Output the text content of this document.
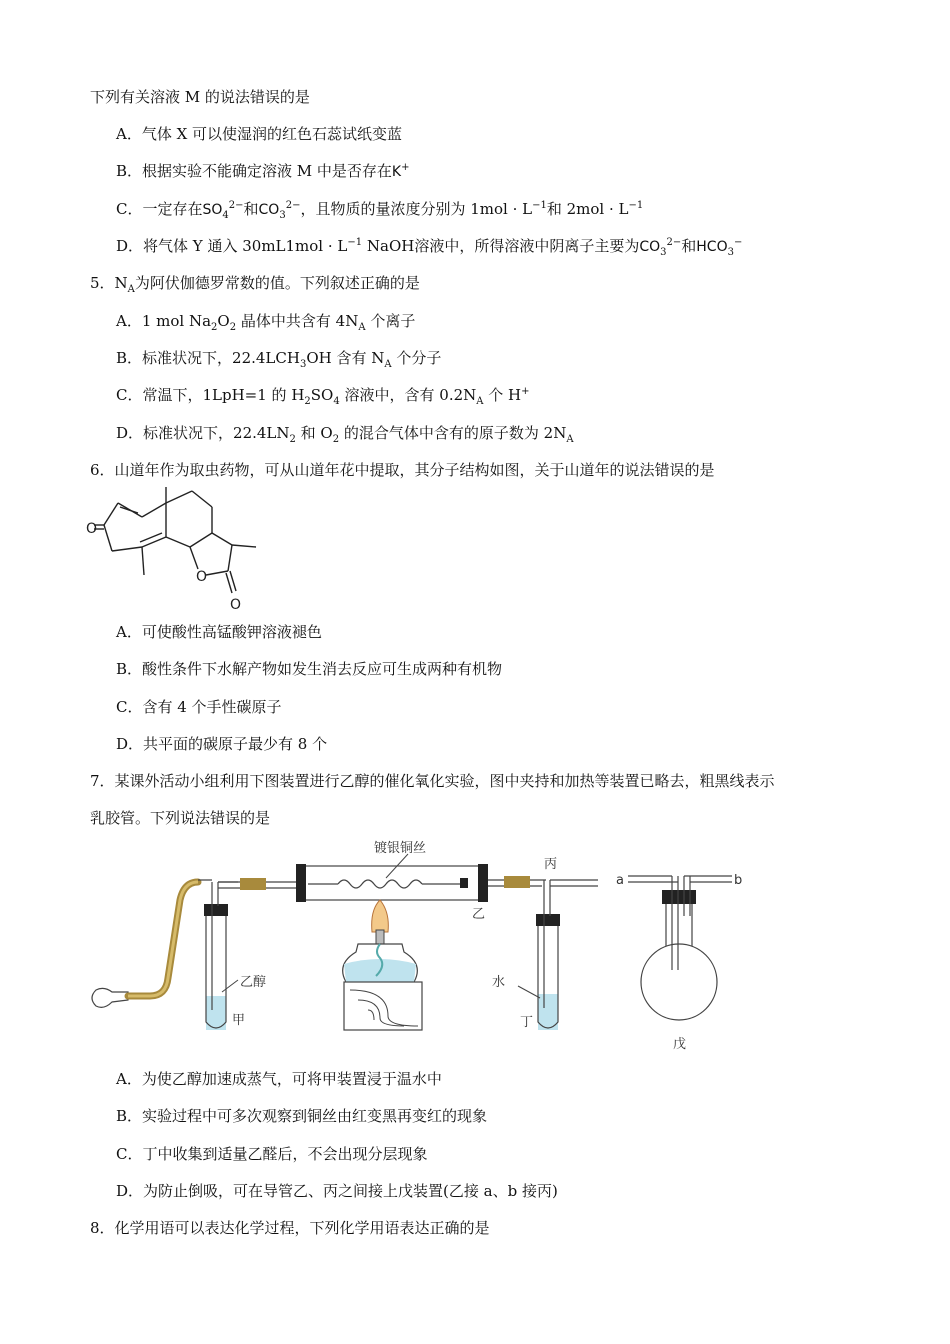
下列有关溶液 M 的说法错误的是
A．气体 X 可以使湿润的红色石蕊试纸变蓝
B．根据实验不能确定溶液 M 中是否存在K+
C．一定存在$SO_4^{2-}$和$CO_3^{2-}$，且物质的量浓度分别为 $1mol \cdot L^{-1}$和 $2mol \cdot L^{-1}$
D．将气体 Y 通入 $30mL1mol \cdot L^{-1}$ NaOH溶液中，所得溶液中阴离子主要为$CO_3^{2-}$和$HCO_3^-$
5．$N_A$为阿伏伽德罗常数的值。下列叙述正确的是
A．1 mol $Na_2O_2$ 晶体中共含有 $4N_A$ 个离子
B．标准状况下，$22.4LCH_3OH$ 含有 $N_A$ 个分子
C．常温下，1LpH=1 的 $H_2SO_4$ 溶液中，含有 $0.2N_A$ 个 H+
D．标准状况下，$22.4LN_2$ 和 $O_2$ 的混合气体中含有的原子数为 $2N_A$
6．山道年作为取虫药物，可从山道年花中提取，其分子结构如图，关于山道年的说法错误的是
O
O
O
A．可使酸性高锰酸钾溶液褪色
B．酸性条件下水解产物如发生消去反应可生成两种有机物
C．含有 4 个手性碳原子
D．共平面的碳原子最少有 8 个
7．某课外活动小组利用下图装置进行乙醇的催化氧化实验，图中夹持和加热等装置已略去，粗黑线表示
乳胶管。下列说法错误的是
镀银铜丝
乙
丙
乙醇
甲
水
丁
a	b
戊
A．为使乙醇加速成蒸气，可将甲装置浸于温水中
B．实验过程中可多次观察到铜丝由红变黑再变红的现象
C．丁中收集到适量乙醛后，不会出现分层现象
D．为防止倒吸，可在导管乙、丙之间接上戊装置(乙接 a、b 接丙)
8．化学用语可以表达化学过程，下列化学用语表达正确的是
